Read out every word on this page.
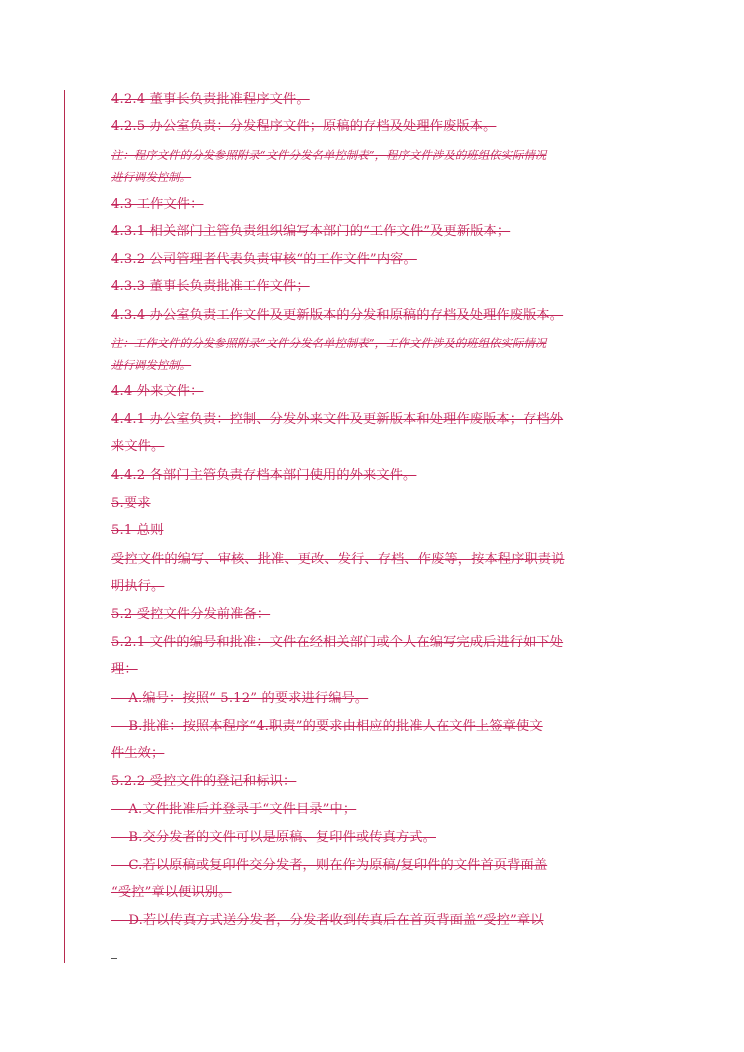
4.2.4 董事长负责批准程序文件。
4.2.5 办公室负责：分发程序文件；原稿的存档及处理作废版本。
注：程序文件的分发参照附录“文件分发名单控制表”，程序文件涉及的班组依实际情况
进行调发控制。
4.3 工作文件：
4.3.1 相关部门主管负责组织编写本部门的“工作文件”及更新版本；
4.3.2 公司管理者代表负责审核“的工作文件”内容。
4.3.3 董事长负责批准工作文件；
4.3.4 办公室负责工作文件及更新版本的分发和原稿的存档及处理作废版本。
注：工作文件的分发参照附录“文件分发名单控制表”，工作文件涉及的班组依实际情况
进行调发控制。
4.4 外来文件：
4.4.1 办公室负责：控制、分发外来文件及更新版本和处理作废版本；存档外
来文件。
4.4.2 各部门主管负责存档本部门使用的外来文件。
5.要求
5.1 总则
受控文件的编写、审核、批准、更改、发行、存档、作废等，按本程序职责说
明执行。
5.2 受控文件分发前准备：
5.2.1 文件的编号和批准：文件在经相关部门或个人在编写完成后进行如下处
理：
A.编号：按照“ 5.12” 的要求进行编号。
B.批准：按照本程序“4.职责”的要求由相应的批准人在文件上签章使文
件生效；
5.2.2 受控文件的登记和标识：
A.文件批准后并登录于“文件目录”中；
B.交分发者的文件可以是原稿、复印件或传真方式。
C.若以原稿或复印件交分发者，则在作为原稿/复印件的文件首页背面盖
“受控”章以便识别。
D.若以传真方式送分发者，分发者收到传真后在首页背面盖“受控”章以
